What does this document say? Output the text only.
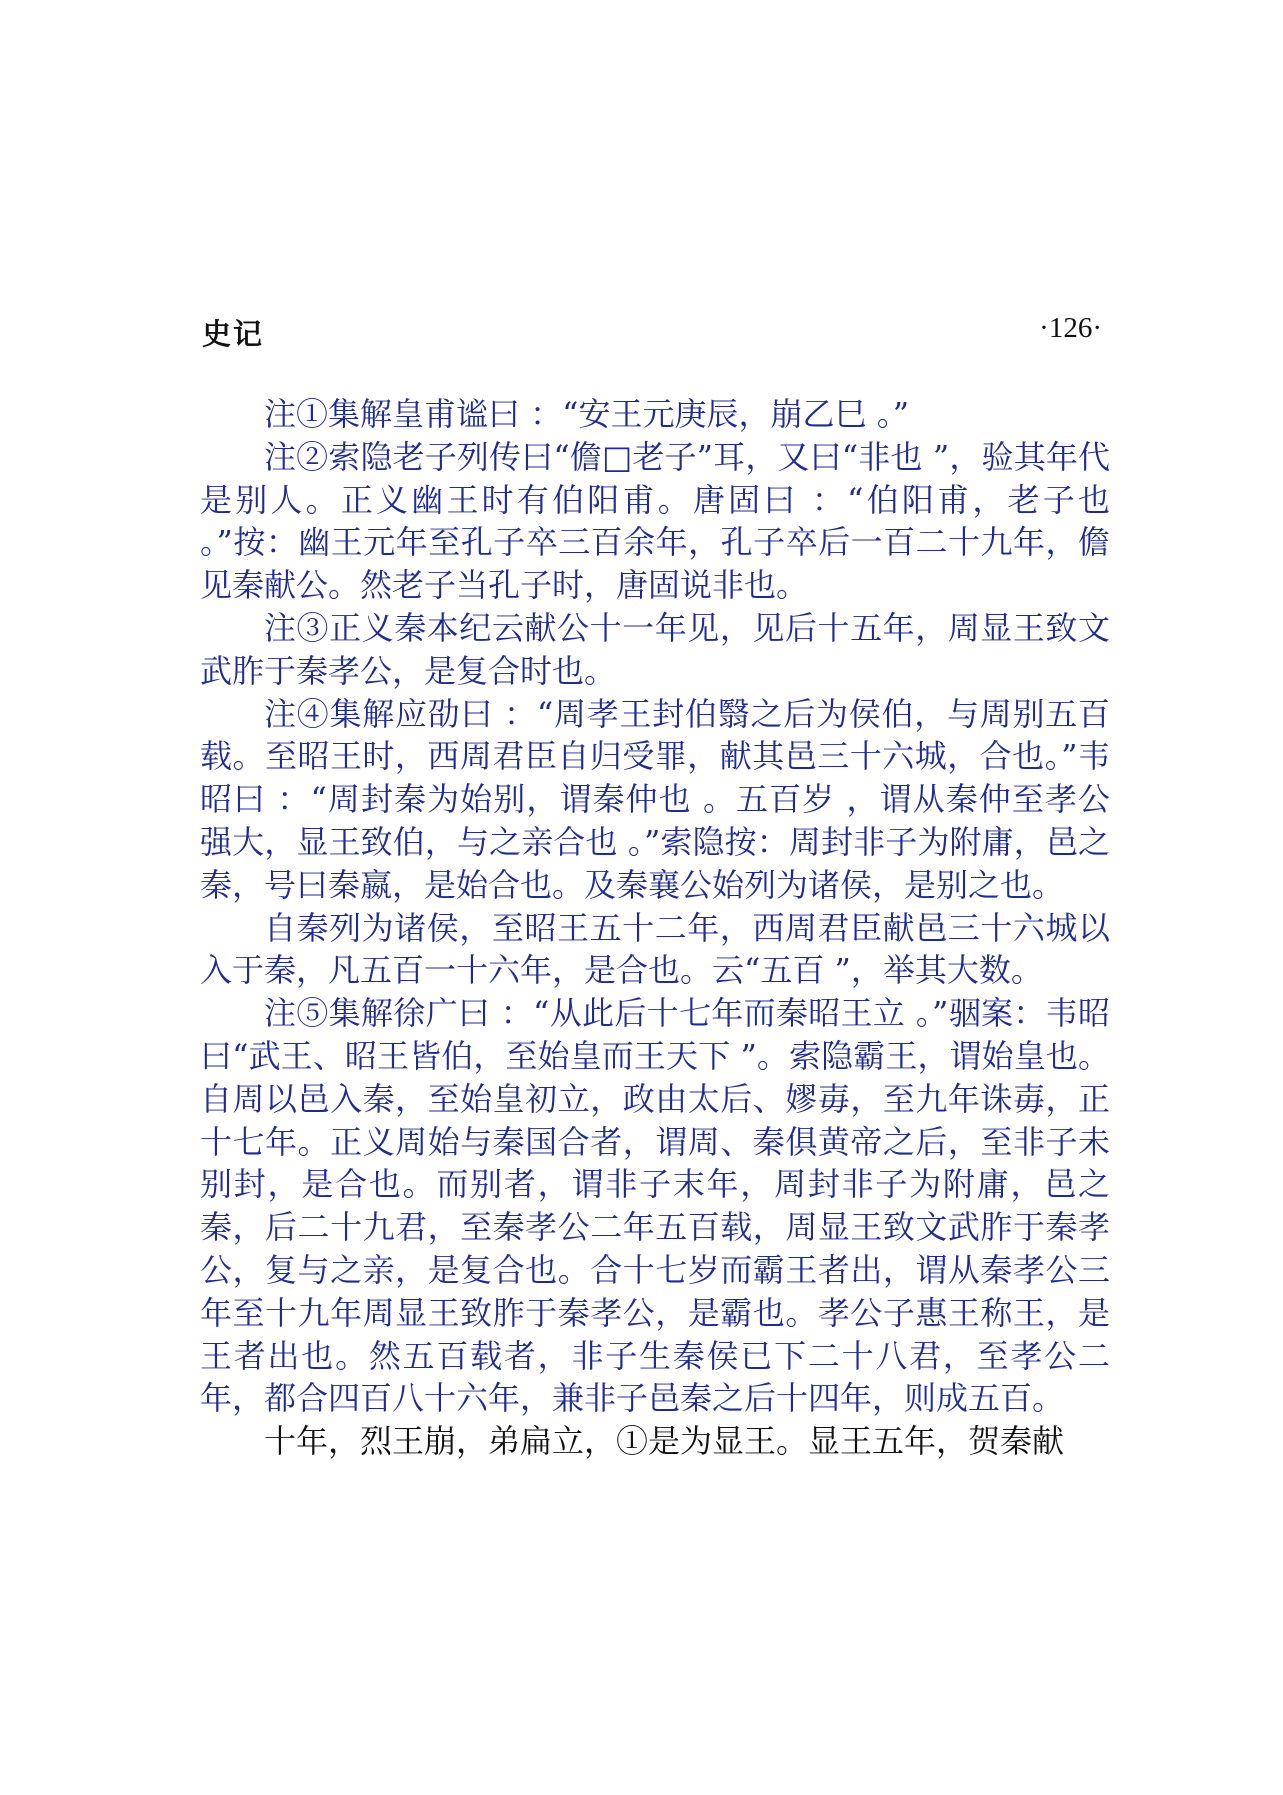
史记	·126·

注①集解皇甫谧曰 ：“安王元庚辰，崩乙巳 。”

注②索隐老子列传曰“儋□老子”耳，又曰“非也 ”，验其年代是别人。正义幽王时有伯阳甫。唐固曰 ：“伯阳甫，老子也 。”按：幽王元年至孔子卒三百余年，孔子卒后一百二十九年，儋见秦献公。然老子当孔子时，唐固说非也。

注③正义秦本纪云献公十一年见，见后十五年，周显王致文武胙于秦孝公，是复合时也。

注④集解应劭曰 ：“周孝王封伯翳之后为侯伯，与周别五百载。至昭王时，西周君臣自归受罪，献其邑三十六城，合也。”韦昭曰 ：“周封秦为始别，谓秦仲也 。五百岁 ，谓从秦仲至孝公强大，显王致伯，与之亲合也 。”索隐按：周封非子为附庸，邑之秦，号曰秦嬴，是始合也。及秦襄公始列为诸侯，是别之也。

自秦列为诸侯，至昭王五十二年，西周君臣献邑三十六城以入于秦，凡五百一十六年，是合也。云“五百 ”，举其大数。

注⑤集解徐广曰 ：“从此后十七年而秦昭王立 。”骃案：韦昭曰“武王、昭王皆伯，至始皇而王天下 ”。索隐霸王，谓始皇也。自周以邑入秦，至始皇初立，政由太后、嫪毐，至九年诛毐，正十七年。正义周始与秦国合者，谓周、秦俱黄帝之后，至非子未别封，是合也。而别者，谓非子末年，周封非子为附庸，邑之秦，后二十九君，至秦孝公二年五百载，周显王致文武胙于秦孝公，复与之亲，是复合也。合十七岁而霸王者出，谓从秦孝公三年至十九年周显王致胙于秦孝公，是霸也。孝公子惠王称王，是王者出也。然五百载者，非子生秦侯已下二十八君，至孝公二年，都合四百八十六年，兼非子邑秦之后十四年，则成五百。

十年，烈王崩，弟扁立，①是为显王。显王五年，贺秦献
